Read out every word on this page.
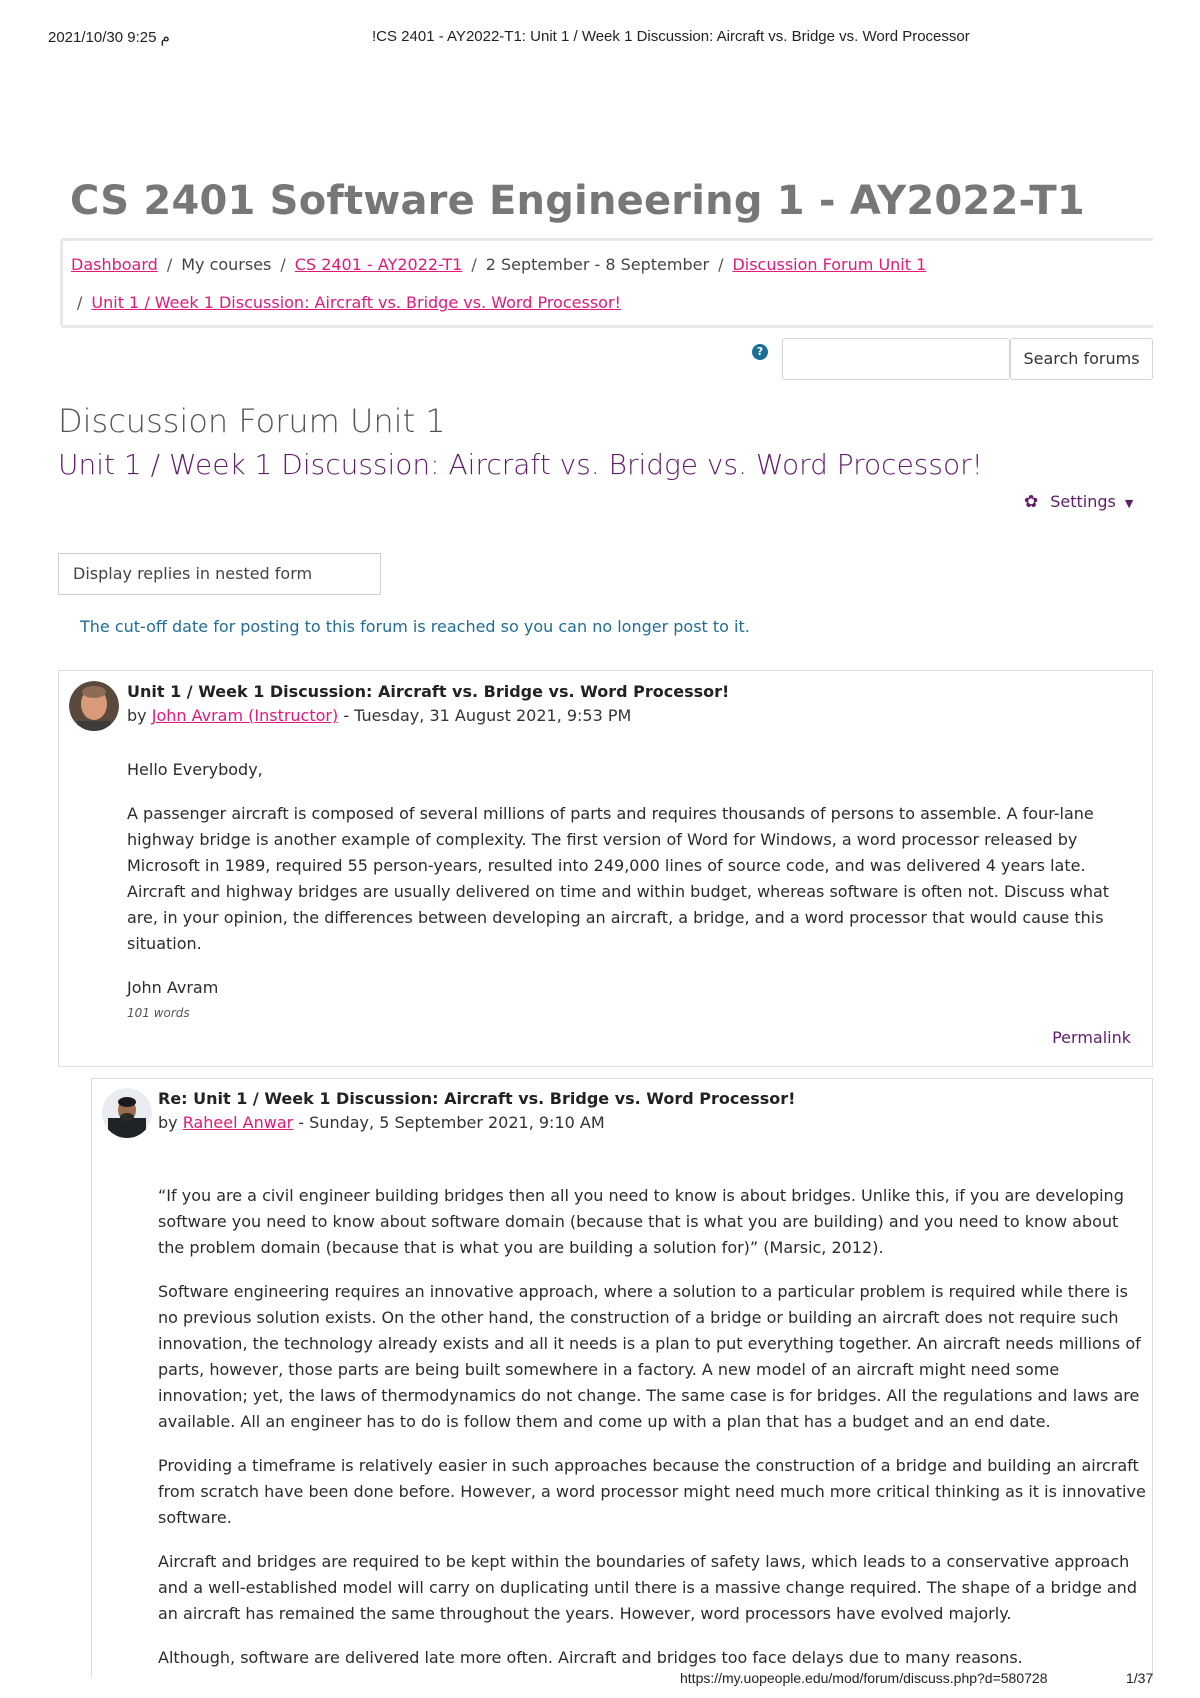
م 9:25 2021/10/30	!CS 2401 - AY2022-T1: Unit 1 / Week 1 Discussion: Aircraft vs. Bridge vs. Word Processor
CS 2401 Software Engineering 1 - AY2022-T1
Dashboard / My courses / CS 2401 - AY2022-T1 / 2 September - 8 September / Discussion Forum Unit 1
/ Unit 1 / Week 1 Discussion: Aircraft vs. Bridge vs. Word Processor!
?	Search forums
Discussion Forum Unit 1
Unit 1 / Week 1 Discussion: Aircraft vs. Bridge vs. Word Processor!
✿ Settings ▼
Display replies in nested form
The cut-off date for posting to this forum is reached so you can no longer post to it.
Unit 1 / Week 1 Discussion: Aircraft vs. Bridge vs. Word Processor!
by John Avram (Instructor) - Tuesday, 31 August 2021, 9:53 PM

Hello Everybody,

A passenger aircraft is composed of several millions of parts and requires thousands of persons to assemble. A four-lane highway bridge is another example of complexity. The first version of Word for Windows, a word processor released by Microsoft in 1989, required 55 person-years, resulted into 249,000 lines of source code, and was delivered 4 years late. Aircraft and highway bridges are usually delivered on time and within budget, whereas software is often not. Discuss what are, in your opinion, the differences between developing an aircraft, a bridge, and a word processor that would cause this situation.

John Avram

101 words
Permalink
Re: Unit 1 / Week 1 Discussion: Aircraft vs. Bridge vs. Word Processor!
by Raheel Anwar - Sunday, 5 September 2021, 9:10 AM

“If you are a civil engineer building bridges then all you need to know is about bridges. Unlike this, if you are developing software you need to know about software domain (because that is what you are building) and you need to know about the problem domain (because that is what you are building a solution for)” (Marsic, 2012).

Software engineering requires an innovative approach, where a solution to a particular problem is required while there is no previous solution exists. On the other hand, the construction of a bridge or building an aircraft does not require such innovation, the technology already exists and all it needs is a plan to put everything together. An aircraft needs millions of parts, however, those parts are being built somewhere in a factory. A new model of an aircraft might need some innovation; yet, the laws of thermodynamics do not change. The same case is for bridges. All the regulations and laws are available. All an engineer has to do is follow them and come up with a plan that has a budget and an end date.

Providing a timeframe is relatively easier in such approaches because the construction of a bridge and building an aircraft from scratch have been done before. However, a word processor might need much more critical thinking as it is innovative software.

Aircraft and bridges are required to be kept within the boundaries of safety laws, which leads to a conservative approach and a well-established model will carry on duplicating until there is a massive change required. The shape of a bridge and an aircraft has remained the same throughout the years. However, word processors have evolved majorly.

Although, software are delivered late more often. Aircraft and bridges too face delays due to many reasons.

https://my.uopeople.edu/mod/forum/discuss.php?d=580728	1/37
